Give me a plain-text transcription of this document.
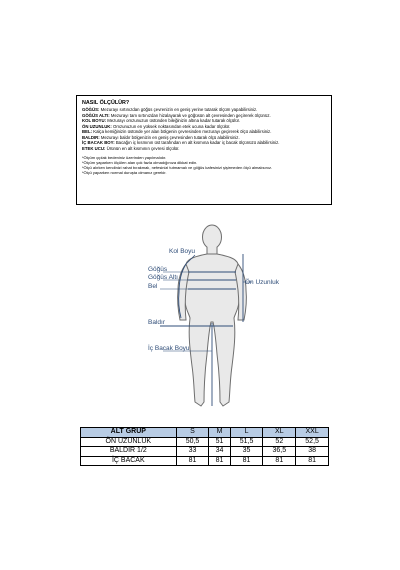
NASIL ÖLÇÜLÜR?
GÖĞÜS: Mezurayı sırtınızdan göğüs çevrenizin en geniş yerine tutarak ölçüm yapabilirsiniz.
GÖĞÜS ALTI: Mezurayı tam sırtınızdan hizalayarak ve göğüsün alt çevresinden geçirerek ölçünüz.
KOL BOYU: Mezurayı omzunuzun üstünden bileğinizin altına kadar tutarak ölçülür.
ÖN UZUNLUK: Omzunuzun en yüksek noktasından etek ucuna kadar ölçülür.
BEL: Kalça kemiğinizin üstünde yer alan bölgenin çevresinden mezurayı geçirerek ölçü alabilirsiniz.
BALDIR: Mezurayı baldır bölgenizin en geniş çevresinden tutarak ölçü alabilirsiniz.
İÇ BACAK BOY: Bacağın iç kısmının üst tarafından en alt kısmına kadar iç bacak ölçünüzü alabilirsiniz.
ETEK UCU: Ürünün en alt kısmının çevresi ölçülür.
*Ölçüm çıplak bedeniniz üzerinden yapılmalıdır.
*Ölçüm yaparken ölçülen alan çok fazla olmadığınıza dikkat edin.
*Ölçü alırken kendinizi rahat bırakmalı, nefesinizi tutmamalı ve göğüs kafesinizi şişirmeden ölçü almalısınız.
*Ölçü yaparken normal duruşta olmanız gerekir.
Kol Boyu
Göğüs
Göğüs Altı
Bel
Ön Uzunluk
Baldır
İç Bacak Boyu
ALT GRUP	S	M	L	XL	XXL
ÖN UZUNLUK	50,5	51	51,5	52	52,5
BALDIR 1/2	33	34	35	36,5	38
İÇ BACAK	81	81	81	81	81
